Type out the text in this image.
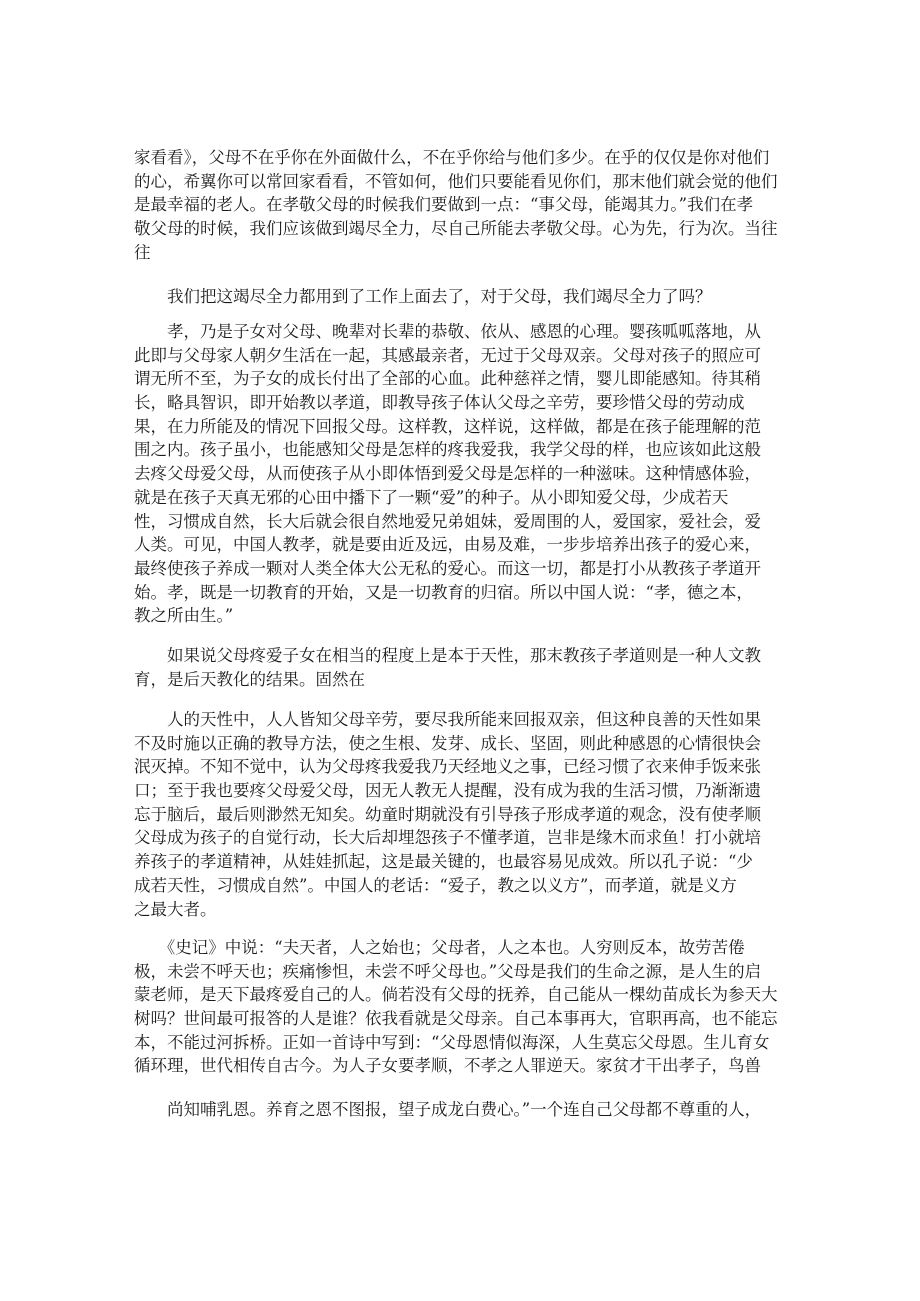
家看看》，父母不在乎你在外面做什么，不在乎你给与他们多少。在乎的仅仅是你对他们
的心，希翼你可以常回家看看，不管如何，他们只要能看见你们，那末他们就会觉的他们
是最幸福的老人。在孝敬父母的时候我们要做到一点：“事父母，能竭其力。”我们在孝
敬父母的时候，我们应该做到竭尽全力，尽自己所能去孝敬父母。心为先，行为次。当往
往
　　我们把这竭尽全力都用到了工作上面去了，对于父母，我们竭尽全力了吗？
　　孝，乃是子女对父母、晚辈对长辈的恭敬、依从、感恩的心理。婴孩呱呱落地，从
此即与父母家人朝夕生活在一起，其感最亲者，无过于父母双亲。父母对孩子的照应可
谓无所不至，为子女的成长付出了全部的心血。此种慈祥之情，婴儿即能感知。待其稍
长，略具智识，即开始教以孝道，即教导孩子体认父母之辛劳，要珍惜父母的劳动成
果，在力所能及的情况下回报父母。这样教，这样说，这样做，都是在孩子能理解的范
围之内。孩子虽小，也能感知父母是怎样的疼我爱我，我学父母的样，也应该如此这般
去疼父母爱父母，从而使孩子从小即体悟到爱父母是怎样的一种滋味。这种情感体验，
就是在孩子天真无邪的心田中播下了一颗“爱”的种子。从小即知爱父母，少成若天
性，习惯成自然，长大后就会很自然地爱兄弟姐妹，爱周围的人，爱国家，爱社会，爱
人类。可见，中国人教孝，就是要由近及远，由易及难，一步步培养出孩子的爱心来，
最终使孩子养成一颗对人类全体大公无私的爱心。而这一切，都是打小从教孩子孝道开
始。孝，既是一切教育的开始，又是一切教育的归宿。所以中国人说：“孝，德之本，
教之所由生。”
　　如果说父母疼爱子女在相当的程度上是本于天性，那末教孩子孝道则是一种人文教
育，是后天教化的结果。固然在
　　人的天性中，人人皆知父母辛劳，要尽我所能来回报双亲，但这种良善的天性如果
不及时施以正确的教导方法，使之生根、发芽、成长、坚固，则此种感恩的心情很快会
泯灭掉。不知不觉中，认为父母疼我爱我乃天经地义之事，已经习惯了衣来伸手饭来张
口；至于我也要疼父母爱父母，因无人教无人提醒，没有成为我的生活习惯，乃渐渐遗
忘于脑后，最后则渺然无知矣。幼童时期就没有引导孩子形成孝道的观念，没有使孝顺
父母成为孩子的自觉行动，长大后却埋怨孩子不懂孝道，岂非是缘木而求鱼！打小就培
养孩子的孝道精神，从娃娃抓起，这是最关键的，也最容易见成效。所以孔子说：“少
成若天性，习惯成自然”。中国人的老话：“爱子，教之以义方”，而孝道，就是义方
之最大者。
　　《史记》中说：“夫天者，人之始也；父母者，人之本也。人穷则反本，故劳苦倦
极，未尝不呼天也；疾痛惨怛，未尝不呼父母也。”父母是我们的生命之源，是人生的启
蒙老师，是天下最疼爱自己的人。倘若没有父母的抚养，自己能从一棵幼苗成长为参天大
树吗？世间最可报答的人是谁？依我看就是父母亲。自己本事再大，官职再高，也不能忘
本，不能过河拆桥。正如一首诗中写到：“父母恩情似海深，人生莫忘父母恩。生儿育女
循环理，世代相传自古今。为人子女要孝顺，不孝之人罪逆天。家贫才干出孝子，鸟兽
　　尚知哺乳恩。养育之恩不图报，望子成龙白费心。”一个连自己父母都不尊重的人，
